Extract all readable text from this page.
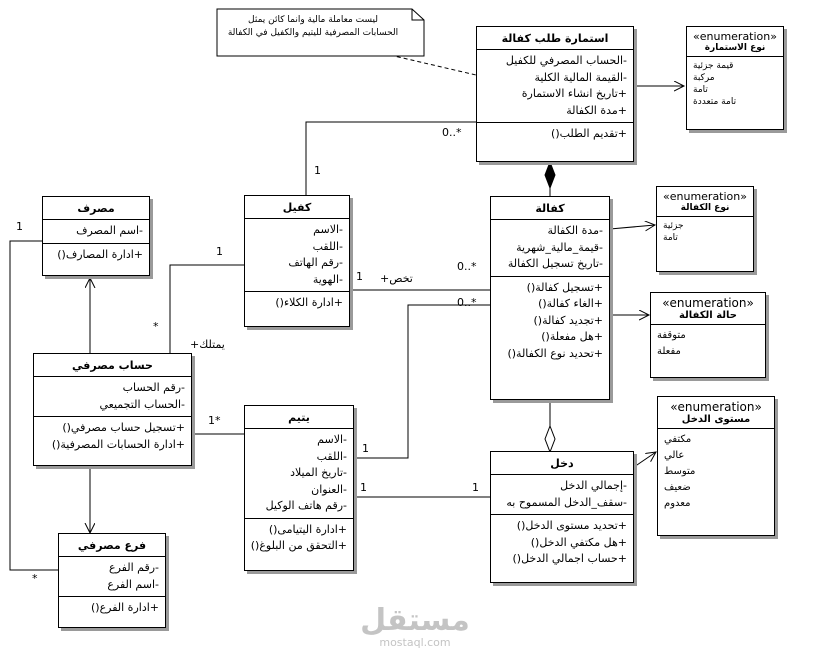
ليست معاملة مالية وانما كائن يمثل
الحسابات المصرفية لليتيم والكفيل في الكفالة	استمارة طلب كفالة
-الحساب المصرفي للكفيل
-القيمة المالية الكلية
+تاريخ انشاء الاستمارة
+مدة الكفالة
+تقديم الطلب()
«enumeration»
نوع الاستمارة
قيمة جزئية
مركبة
تامة
تامة متعددة
كفيل
-الاسم
-اللقب
-رقم الهاتف
-الهوية
+ادارة الكلاء()
مصرف
-اسم المصرف
+ادارة المصارف()
كفالة
-مدة الكفالة
-قيمة_مالية_شهرية
-تاريخ تسجيل الكفالة
+تسجيل كفالة()
+الغاء كفالة()
+تجديد كفالة()
+هل مفعلة()
+تحديد نوع الكفالة()
«enumeration»
نوع الكفالة
جزئية
تامة
«enumeration»
حالة الكفالة
متوقفة
مفعلة
حساب مصرفي
-رقم الحساب
-الحساب التجميعي
+تسجيل حساب مصرفي()
+ادارة الحسابات المصرفية()
يتيم
-الاسم
-اللقب
-تاريخ الميلاد
-العنوان
-رقم هاتف الوكيل
+ادارة اليتيامى()
+التحقق من البلوغ()
دخل
-إجمالي الدخل
-سقف_الدخل المسموح به
+تحديد مستوى الدخل()
+هل مكتفي الدخل()
+حساب اجمالي الدخل()
«enumeration»
مستوى الدخل
مكتفي
عالي
متوسط
ضعيف
معدوم
فرع مصرفي
-رقم الفرع
-اسم الفرع
+ادارة الفرع()
0..*
1
1
*
1
*
يمتلك+
1 تخص+
0..*
0..*
1*
1
1	1
مستقل
mostaql.com
